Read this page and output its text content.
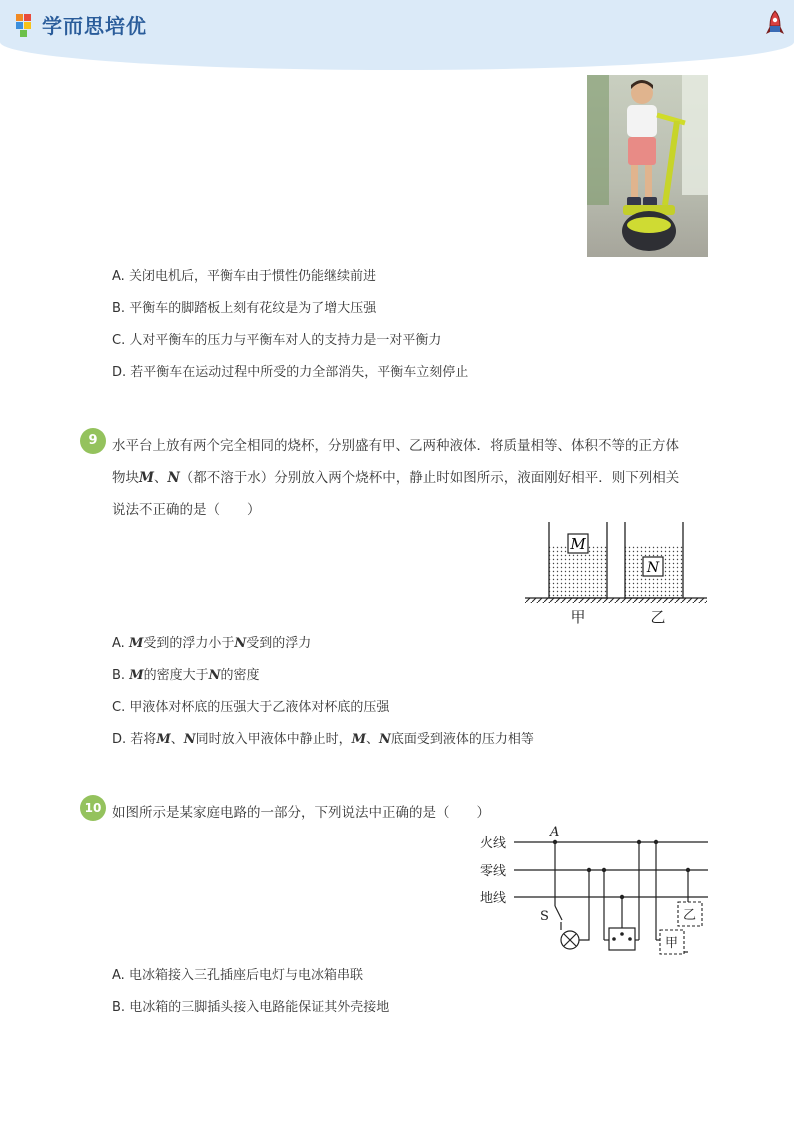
学而思培优
A. 关闭电机后，平衡车由于惯性仍能继续前进
B. 平衡车的脚踏板上刻有花纹是为了增大压强
C. 人对平衡车的压力与平衡车对人的支持力是一对平衡力
D. 若平衡车在运动过程中所受的力全部消失，平衡车立刻停止
9	水平台上放有两个完全相同的烧杯，分别盛有甲、乙两种液体．将质量相等、体积不等的正方体
物块M、N（都不溶于水）分别放入两个烧杯中，静止时如图所示，液面刚好相平．则下列相关
说法不正确的是（　　）
M
N
甲	乙
A. M受到的浮力小于N受到的浮力
B. M的密度大于N的密度
C. 甲液体对杯底的压强大于乙液体对杯底的压强
D. 若将M、N同时放入甲液体中静止时，M、N底面受到液体的压力相等
10 如图所示是某家庭电路的一部分，下列说法中正确的是（　　）
火线
零线
地线
A
S
甲
乙
A. 电冰箱接入三孔插座后电灯与电冰箱串联
B. 电冰箱的三脚插头接入电路能保证其外壳接地
